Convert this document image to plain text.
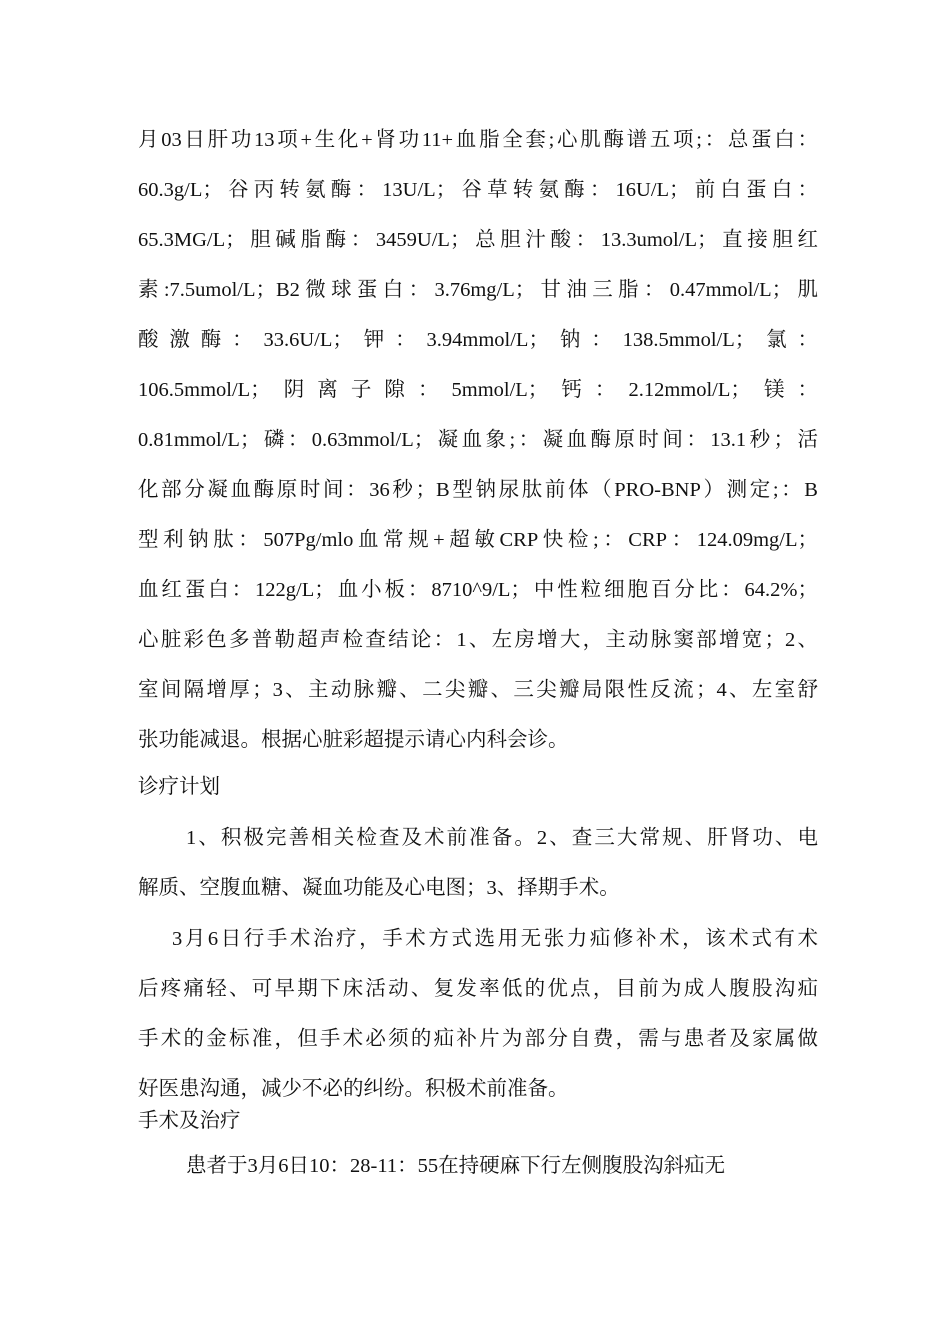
月03日肝功13项+生化+肾功11+血脂全套;心肌酶谱五项;：总蛋白：

60.3g/L；谷丙转氨酶：13U/L；谷草转氨酶：16U/L；前白蛋白：

65.3MG/L；胆碱脂酶：3459U/L；总胆汁酸：13.3umol/L；直接胆红

素:7.5umol/L；B2微球蛋白：3.76mg/L；甘油三脂：0.47mmol/L；肌

酸激酶：33.6U/L；钾：3.94mmol/L；钠：138.5mmol/L；氯：

106.5mmol/L；阴离子隙：5mmol/L；钙：2.12mmol/L；镁：

0.81mmol/L；磷：0.63mmol/L；凝血象;：凝血酶原时间：13.1秒；活

化部分凝血酶原时间：36秒；B型钠尿肽前体（PRO-BNP）测定;：B

型利钠肽：507Pg/mlo血常规+超敏CRP快检;：CRP：124.09mg/L；

血红蛋白：122g/L；血小板：8710^9/L；中性粒细胞百分比：64.2%；

心脏彩色多普勒超声检查结论：1、左房增大，主动脉窦部增宽；2、

室间隔增厚；3、主动脉瓣、二尖瓣、三尖瓣局限性反流；4、左室舒

张功能减退。根据心脏彩超提示请心内科会诊。

诊疗计划

1、积极完善相关检查及术前准备。2、查三大常规、肝肾功、电

解质、空腹血糖、凝血功能及心电图；3、择期手术。

3月6日行手术治疗，手术方式选用无张力疝修补术，该术式有术

后疼痛轻、可早期下床活动、复发率低的优点，目前为成人腹股沟疝

手术的金标准，但手术必须的疝补片为部分自费，需与患者及家属做

好医患沟通，减少不必的纠纷。积极术前准备。

手术及治疗

患者于3月6日10：28-11：55在持硬麻下行左侧腹股沟斜疝无
